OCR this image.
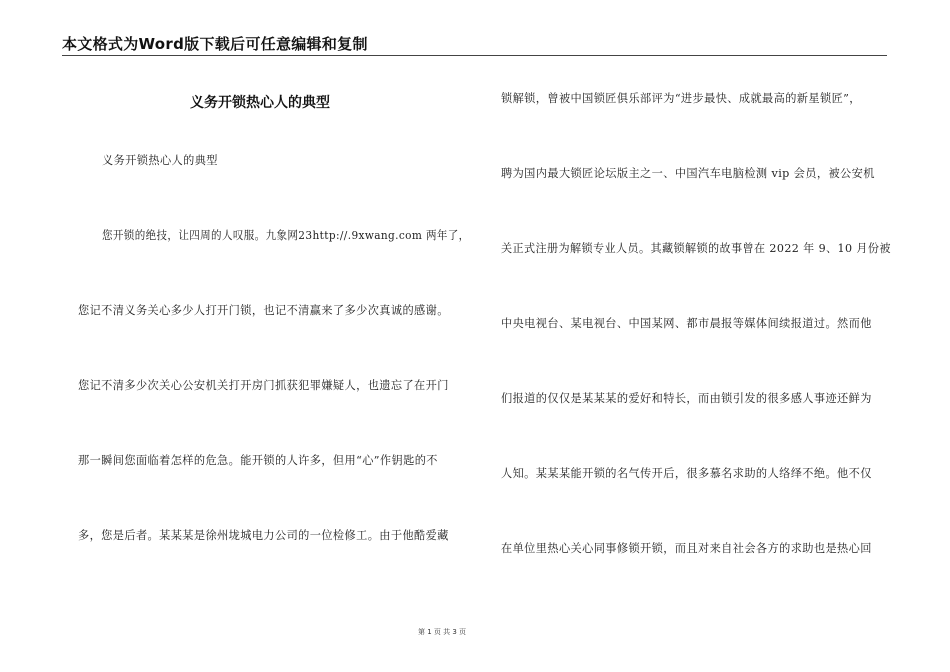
本文格式为Word版下载后可任意编辑和复制
义务开锁热心人的典型
义务开锁热心人的典型
您开锁的绝技，让四周的人叹服。九象网23http://.9xwang.com 两年了，
您记不清义务关心多少人打开门锁，也记不清赢来了多少次真诚的感谢。
您记不清多少次关心公安机关打开房门抓获犯罪嫌疑人，也遗忘了在开门
那一瞬间您面临着怎样的危急。能开锁的人许多，但用“心”作钥匙的不
多，您是后者。某某某是徐州垅城电力公司的一位检修工。由于他酷爱藏
锁解锁，曾被中国锁匠俱乐部评为“进步最快、成就最高的新星锁匠”，
聘为国内最大锁匠论坛版主之一、中国汽车电脑检测 vip 会员，被公安机
关正式注册为解锁专业人员。其藏锁解锁的故事曾在 2022 年 9、10 月份被
中央电视台、某电视台、中国某网、都市晨报等媒体间续报道过。然而他
们报道的仅仅是某某某的爱好和特长，而由锁引发的很多感人事迹还鲜为
人知。某某某能开锁的名气传开后，很多慕名求助的人络绎不绝。他不仅
在单位里热心关心同事修锁开锁，而且对来自社会各方的求助也是热心回
第 1 页 共 3 页
